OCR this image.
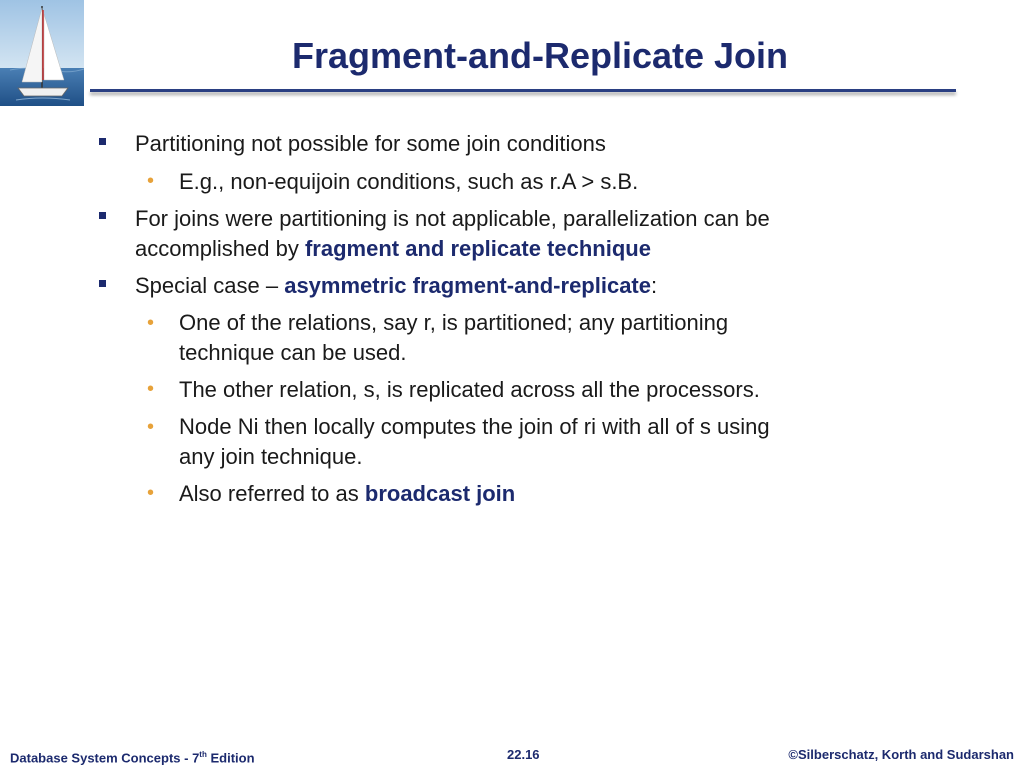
Fragment-and-Replicate Join
Partitioning not possible for some join conditions
• E.g., non-equijoin conditions, such as r.A > s.B.
For joins were partitioning is not applicable, parallelization can be
accomplished by fragment and replicate technique
Special case – asymmetric fragment-and-replicate:
• One of the relations, say r, is partitioned; any partitioning
technique can be used.
• The other relation, s, is replicated across all the processors.
• Node Ni then locally computes the join of ri with all of s using
any join technique.
• Also referred to as broadcast join
Database System Concepts - 7th Edition	22.16	©Silberschatz, Korth and Sudarshan
